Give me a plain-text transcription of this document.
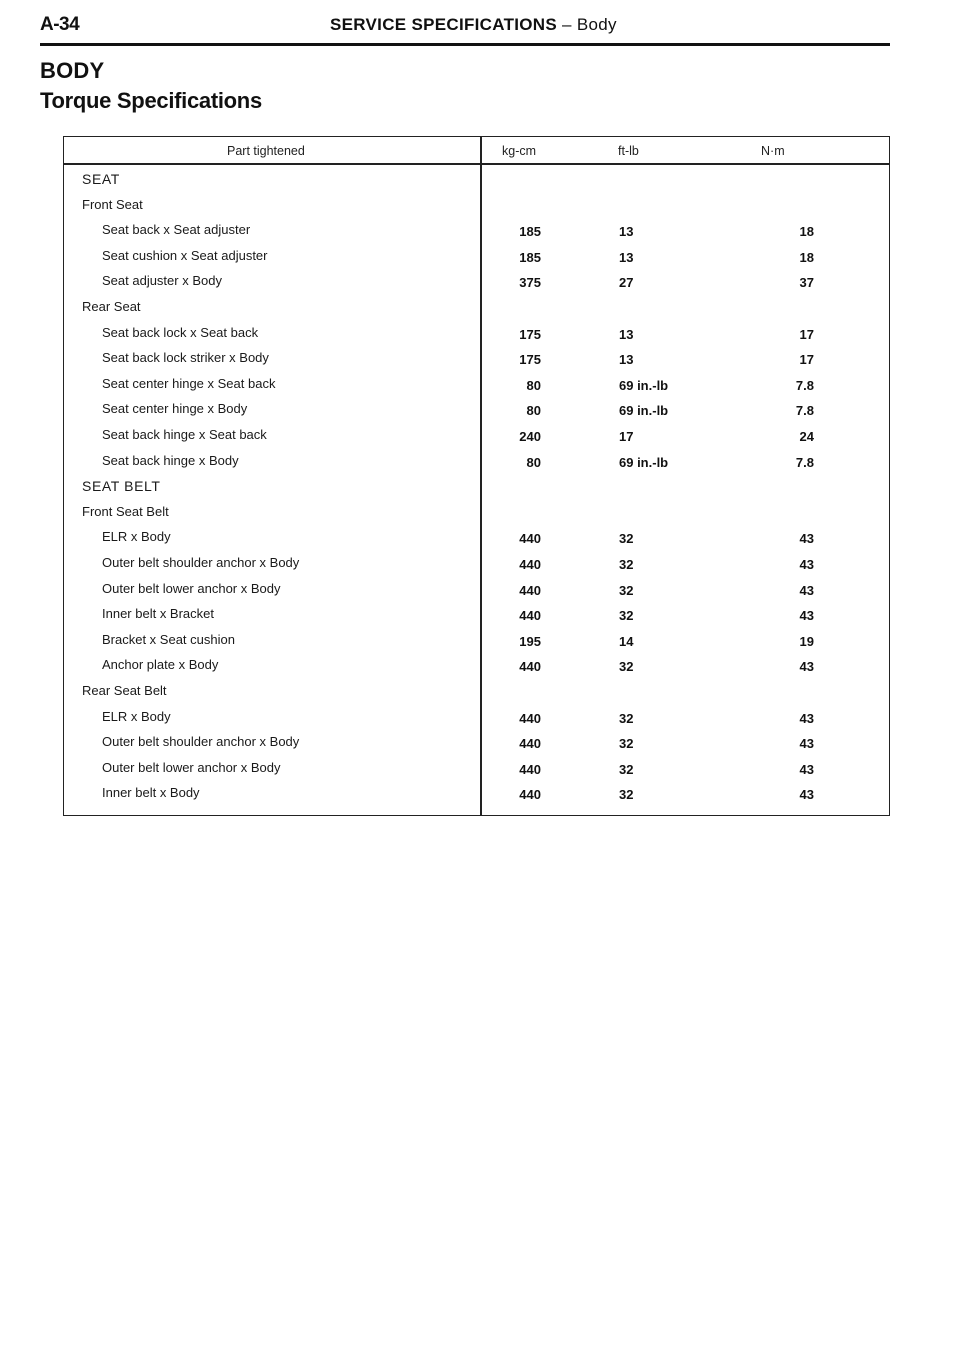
A-34	SERVICE SPECIFICATIONS – Body
BODY
Torque Specifications
Part tightened	kg-cm	ft-lb	N·m
SEAT
Front Seat
Seat back x Seat adjuster	185	13	18
Seat cushion x Seat adjuster	185	13	18
Seat adjuster x Body	375	27	37
Rear Seat
Seat back lock x Seat back	175	13	17
Seat back lock striker x Body	175	13	17
Seat center hinge x Seat back	80	69 in.-lb	7.8
Seat center hinge x Body	80	69 in.-lb	7.8
Seat back hinge x Seat back	240	17	24
Seat back hinge x Body	80	69 in.-lb	7.8
SEAT BELT
Front Seat Belt
ELR x Body	440	32	43
Outer belt shoulder anchor x Body	440	32	43
Outer belt lower anchor x Body	440	32	43
Inner belt x Bracket	440	32	43
Bracket x Seat cushion	195	14	19
Anchor plate x Body	440	32	43
Rear Seat Belt
ELR x Body	440	32	43
Outer belt shoulder anchor x Body	440	32	43
Outer belt lower anchor x Body	440	32	43
Inner belt x Body	440	32	43
